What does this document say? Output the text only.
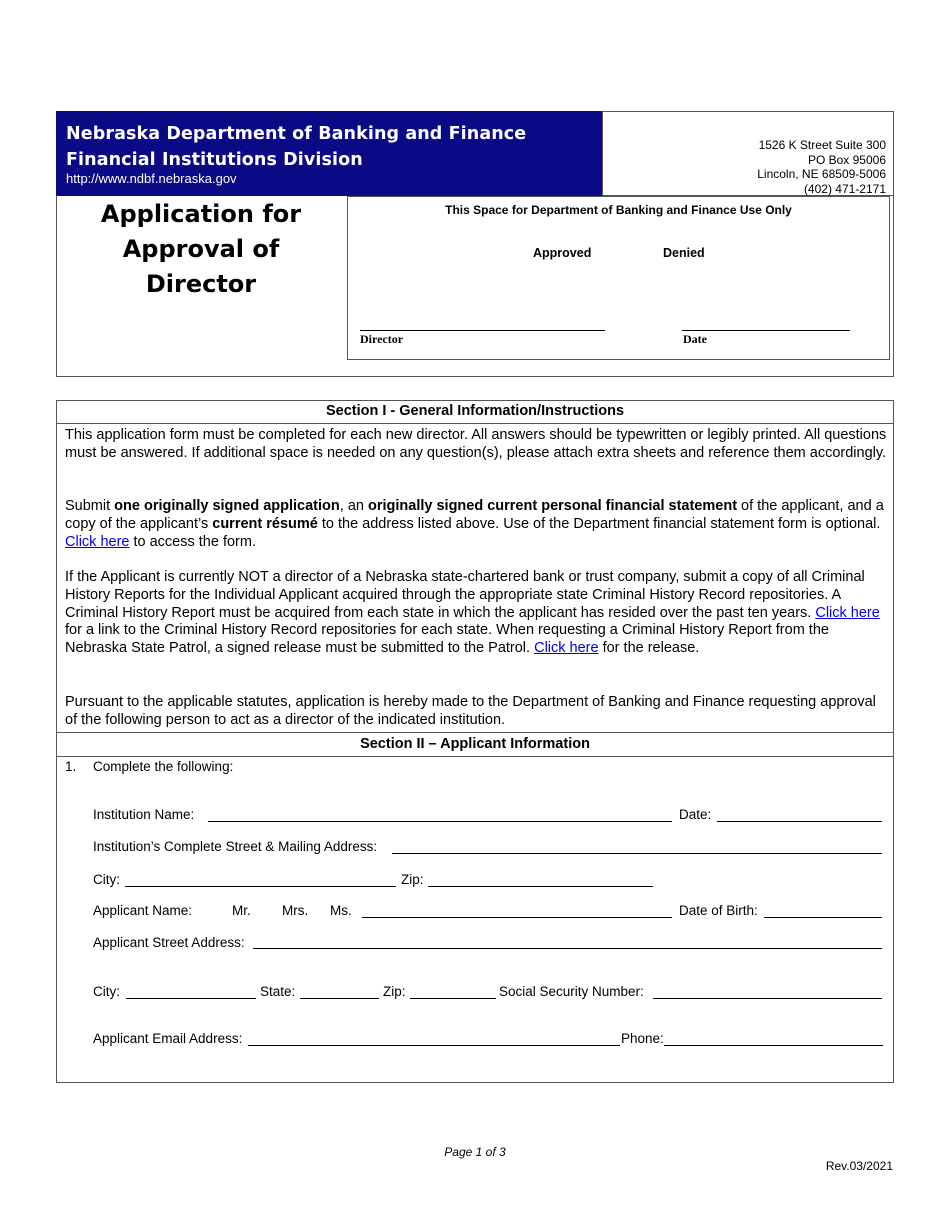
Nebraska Department of Banking and Finance
Financial Institutions Division
http://www.ndbf.nebraska.gov
1526 K Street Suite 300
PO Box 95006
Lincoln, NE 68509-5006
(402) 471-2171
Application for
Approval of
Director
This Space for Department of Banking and Finance Use Only
Approved	Denied
Director	Date
Section I - General Information/Instructions
This application form must be completed for each new director. All answers should be typewritten or legibly printed. All questions must be answered. If additional space is needed on any question(s), please attach extra sheets and reference them accordingly.
Submit one originally signed application, an originally signed current personal financial statement of the applicant, and a copy of the applicant’s current résumé to the address listed above. Use of the Department financial statement form is optional. Click here to access the form.
If the Applicant is currently NOT a director of a Nebraska state-chartered bank or trust company, submit a copy of all Criminal History Reports for the Individual Applicant acquired through the appropriate state Criminal History Record repositories. A Criminal History Report must be acquired from each state in which the applicant has resided over the past ten years. Click here for a link to the Criminal History Record repositories for each state. When requesting a Criminal History Report from the Nebraska State Patrol, a signed release must be submitted to the Patrol. Click here for the release.
Pursuant to the applicable statutes, application is hereby made to the Department of Banking and Finance requesting approval of the following person to act as a director of the indicated institution.
Section II – Applicant Information
1. Complete the following:
Institution Name:	Date:
Institution’s Complete Street & Mailing Address:
City:	Zip:
Applicant Name:	Mr. Mrs. Ms.	Date of Birth:
Applicant Street Address:
City:	State:	Zip:	Social Security Number:
Applicant Email Address:	Phone:
Page 1 of 3
Rev.03/2021
